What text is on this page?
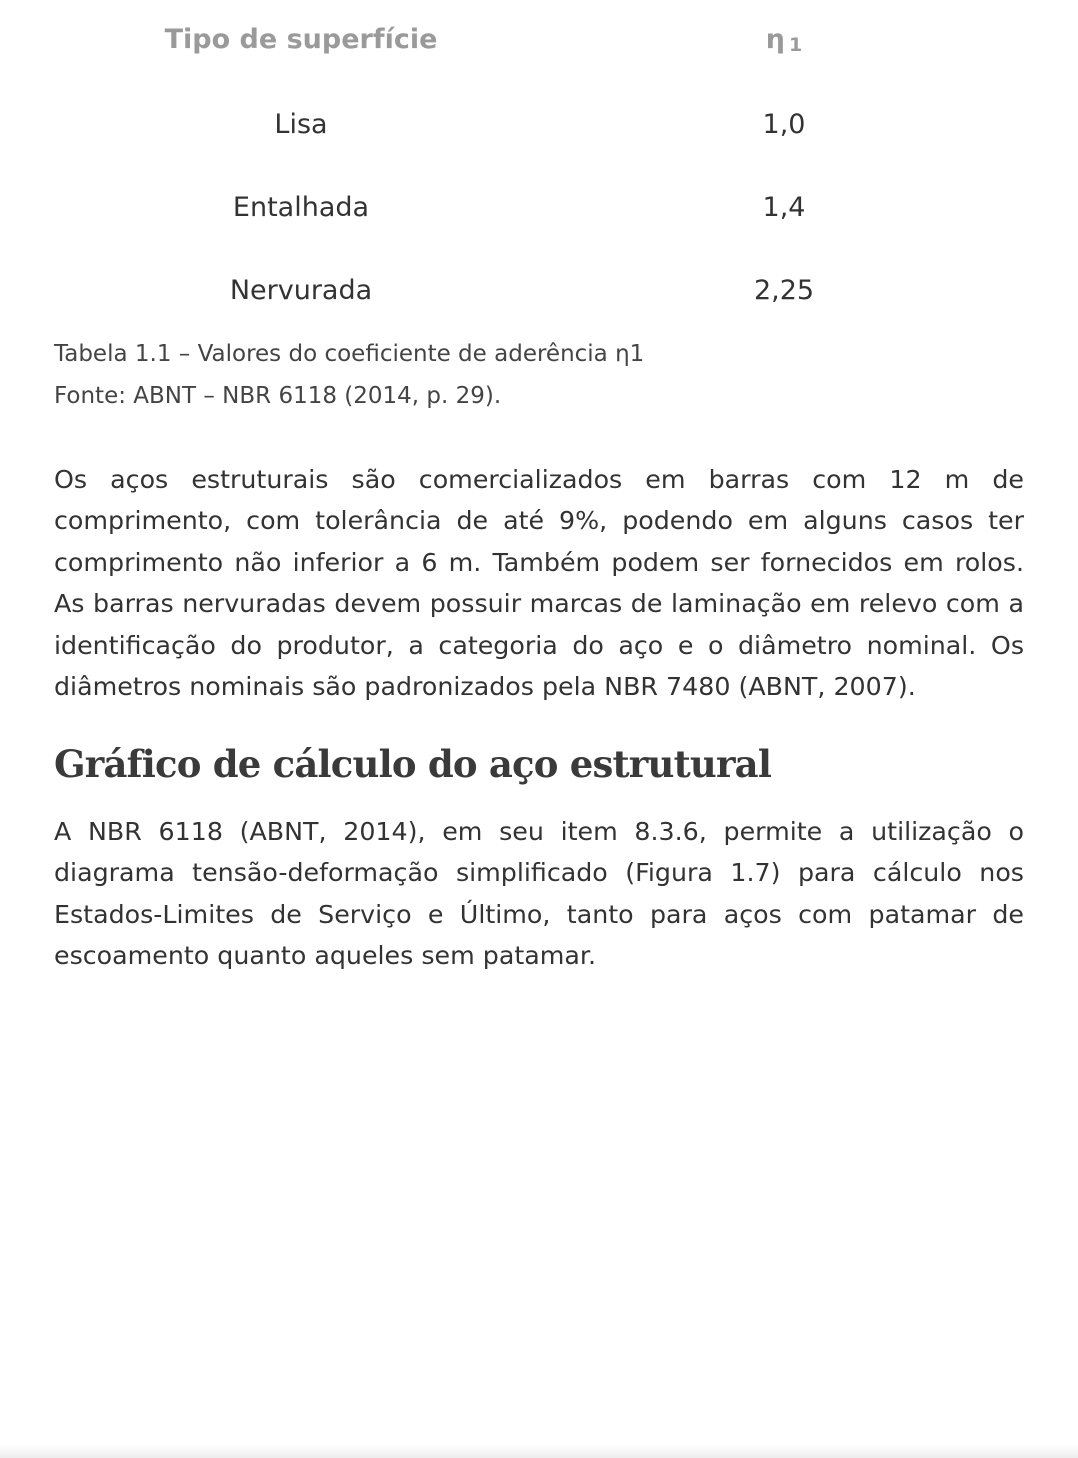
Tipo de superfície	η 1
Lisa	1,0
Entalhada	1,4
Nervurada	2,25
Tabela 1.1 – Valores do coeficiente de aderência η1
Fonte: ABNT – NBR 6118 (2014, p. 29).

Os aços estruturais são comercializados em barras com 12 m de comprimento, com tolerância de até 9%, podendo em alguns casos ter comprimento não inferior a 6 m. Também podem ser fornecidos em rolos. As barras nervuradas devem possuir marcas de laminação em relevo com a identificação do produtor, a categoria do aço e o diâmetro nominal. Os diâmetros nominais são padronizados pela NBR 7480 (ABNT, 2007).

Gráfico de cálculo do aço estrutural

A NBR 6118 (ABNT, 2014), em seu item 8.3.6, permite a utilização o diagrama tensão-deformação simplificado (Figura 1.7) para cálculo nos Estados-Limites de Serviço e Último, tanto para aços com patamar de escoamento quanto aqueles sem patamar.
